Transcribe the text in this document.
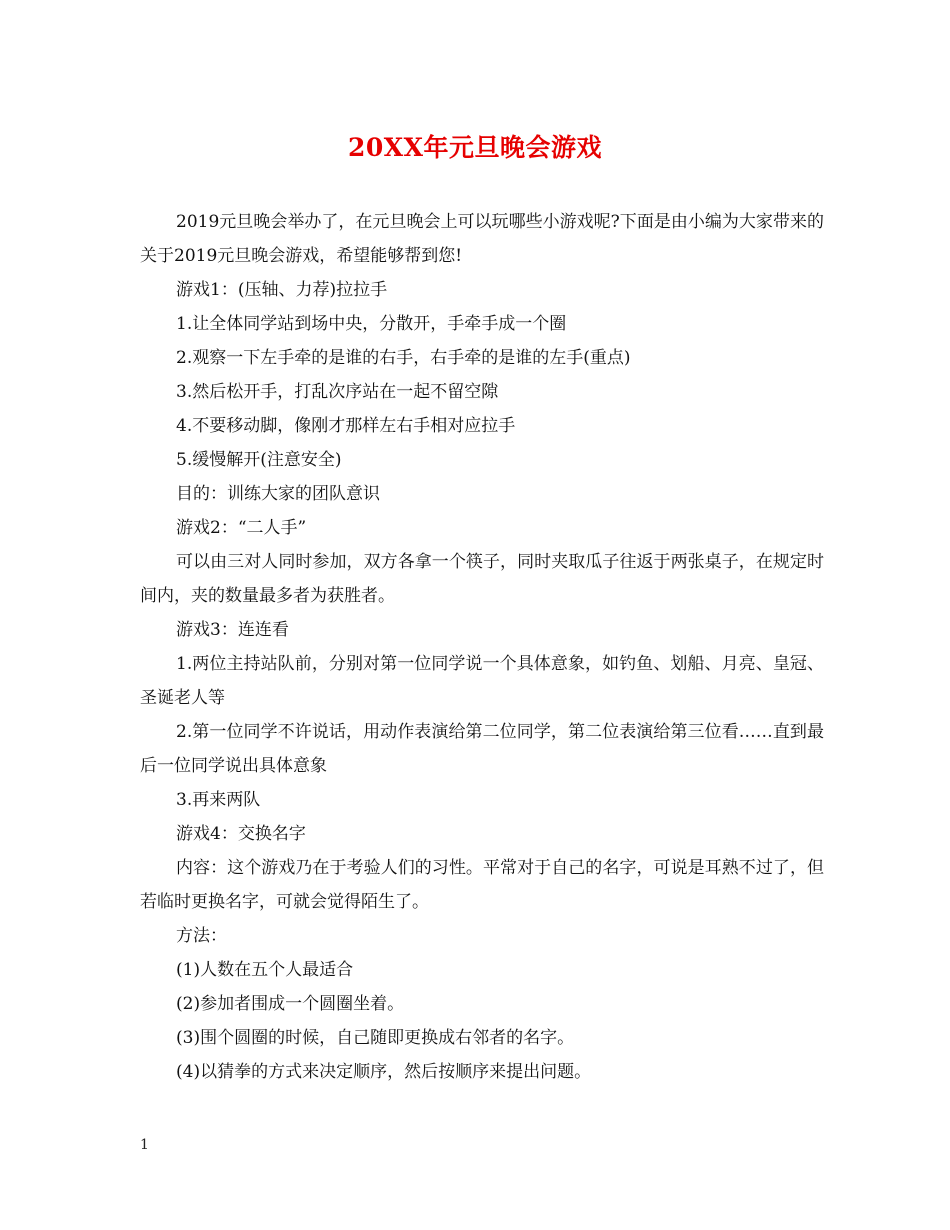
20XX年元旦晚会游戏

2019元旦晚会举办了，在元旦晚会上可以玩哪些小游戏呢?下面是由小编为大家带来的关于2019元旦晚会游戏，希望能够帮到您!

游戏1：(压轴、力荐)拉拉手

1.让全体同学站到场中央，分散开，手牵手成一个圈

2.观察一下左手牵的是谁的右手，右手牵的是谁的左手(重点)

3.然后松开手，打乱次序站在一起不留空隙

4.不要移动脚，像刚才那样左右手相对应拉手

5.缓慢解开(注意安全)

目的：训练大家的团队意识

游戏2：“二人手”

可以由三对人同时参加，双方各拿一个筷子，同时夹取瓜子往返于两张桌子，在规定时间内，夹的数量最多者为获胜者。

游戏3：连连看

1.两位主持站队前，分别对第一位同学说一个具体意象，如钓鱼、划船、月亮、皇冠、圣诞老人等

2.第一位同学不许说话，用动作表演给第二位同学，第二位表演给第三位看……直到最后一位同学说出具体意象

3.再来两队

游戏4：交换名字

内容：这个游戏乃在于考验人们的习性。平常对于自己的名字，可说是耳熟不过了，但若临时更换名字，可就会觉得陌生了。

方法：

(1)人数在五个人最适合

(2)参加者围成一个圆圈坐着。

(3)围个圆圈的时候，自己随即更换成右邻者的名字。

(4)以猜拳的方式来决定顺序，然后按顺序来提出问题。

1
